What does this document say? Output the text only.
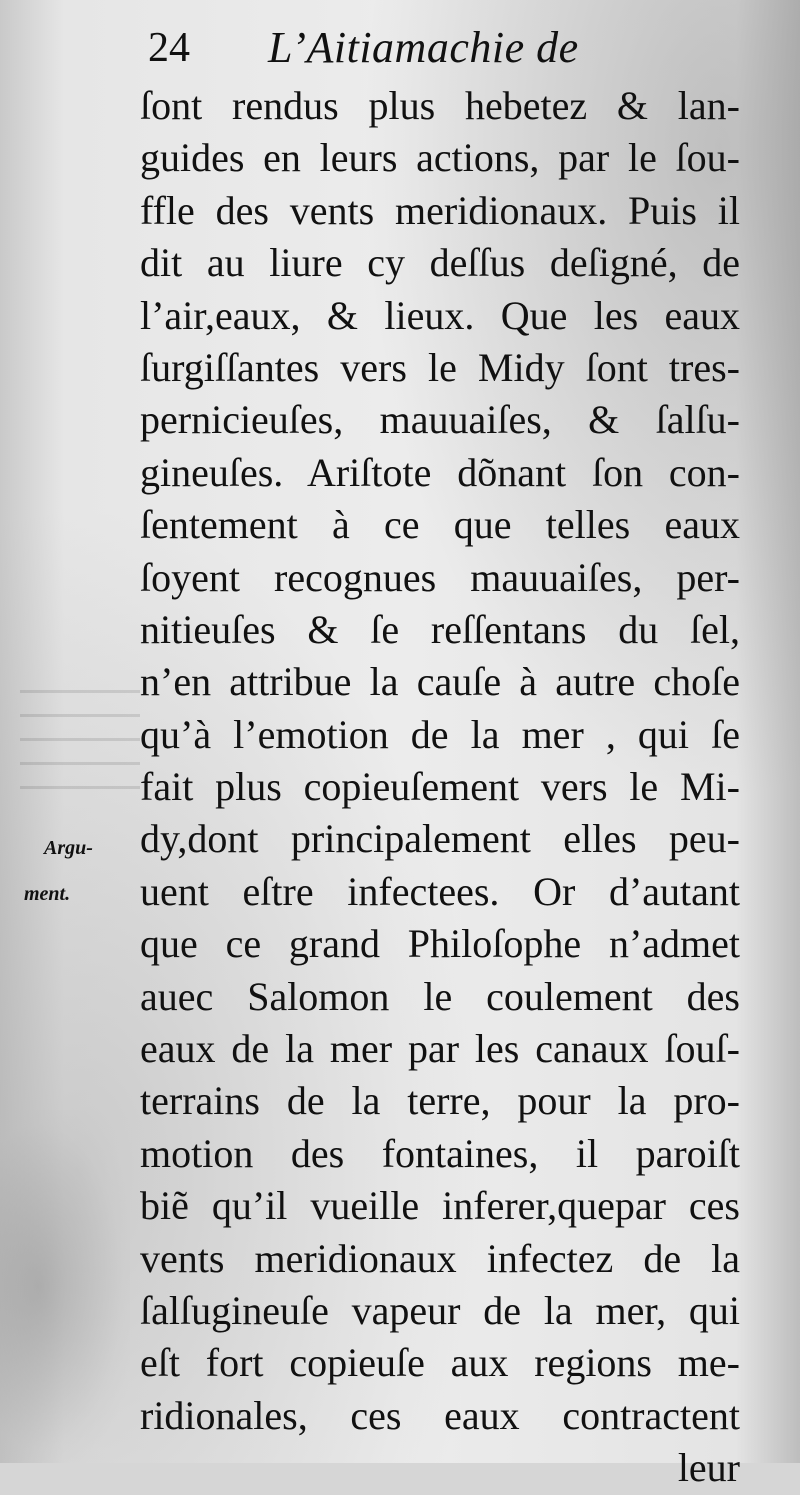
24 L’Aitiamachie de
Argu-
ment.
ſont rendus plus hebetez & lan-
guides en leurs actions, par le ſou-
ffle des vents meridionaux. Puis il
dit au liure cy deſſus deſigné, de
l’air,eaux, & lieux. Que les eaux
ſurgiſſantes vers le Midy ſont tres-
pernicieuſes, mauuaiſes, & ſalſu-
gineuſes. Ariſtote dõnant ſon con-
ſentement à ce que telles eaux
ſoyent recognues mauuaiſes, per-
nitieuſes & ſe reſſentans du ſel,
n’en attribue la cauſe à autre choſe
qu’à l’emotion de la mer , qui ſe
fait plus copieuſement vers le Mi-
dy,dont principalement elles peu-
uent eſtre infectees. Or d’autant
que ce grand Philoſophe n’admet
auec Salomon le coulement des
eaux de la mer par les canaux ſouſ-
terrains de la terre, pour la pro-
motion des fontaines, il paroiſt
biẽ qu’il vueille inferer,quepar ces
vents meridionaux infectez de la
ſalſugineuſe vapeur de la mer, qui
eſt fort copieuſe aux regions me-
ridionales, ces eaux contractent
leur
